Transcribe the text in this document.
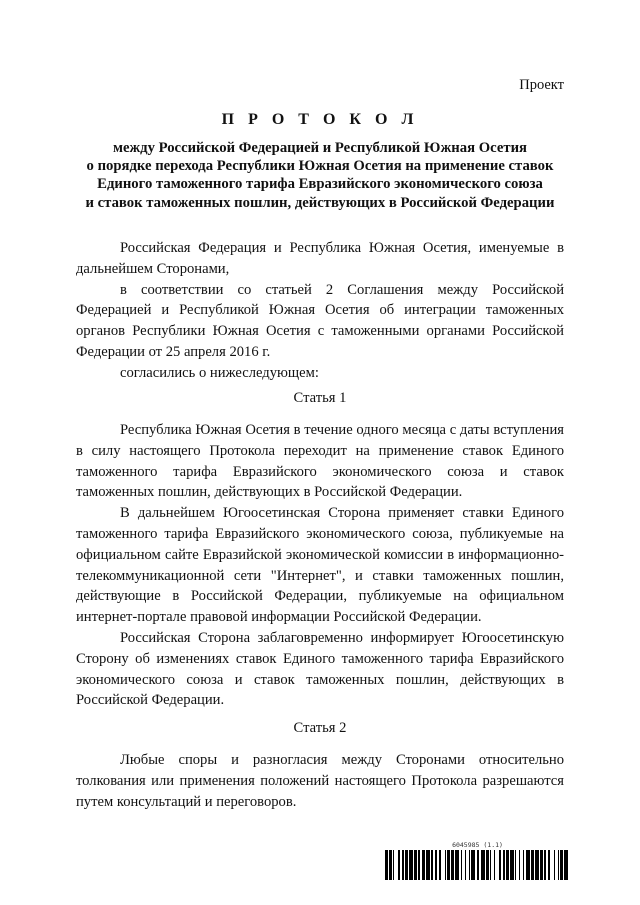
Проект
П Р О Т О К О Л
между Российской Федерацией и Республикой Южная Осетия
о порядке перехода Республики Южная Осетия на применение ставок
Единого таможенного тарифа Евразийского экономического союза
и ставок таможенных пошлин, действующих в Российской Федерации

Российская Федерация и Республика Южная Осетия, именуемые в дальнейшем Сторонами,

в соответствии со статьей 2 Соглашения между Российской Федерацией и Республикой Южная Осетия об интеграции таможенных органов Республики Южная Осетия с таможенными органами Российской Федерации от 25 апреля 2016 г.

согласились о нижеследующем:

Статья 1

Республика Южная Осетия в течение одного месяца с даты вступления в силу настоящего Протокола переходит на применение ставок Единого таможенного тарифа Евразийского экономического союза и ставок таможенных пошлин, действующих в Российской Федерации.

В дальнейшем Югоосетинская Сторона применяет ставки Единого таможенного тарифа Евразийского экономического союза, публикуемые на официальном сайте Евразийской экономической комиссии в информационно-телекоммуникационной сети "Интернет", и ставки таможенных пошлин, действующие в Российской Федерации, публикуемые на официальном интернет-портале правовой информации Российской Федерации.

Российская Сторона заблаговременно информирует Югоосетинскую Сторону об изменениях ставок Единого таможенного тарифа Евразийского экономического союза и ставок таможенных пошлин, действующих в Российской Федерации.

Статья 2

Любые споры и разногласия между Сторонами относительно толкования или применения положений настоящего Протокола разрешаются путем консультаций и переговоров.

6045985 (1.1)
